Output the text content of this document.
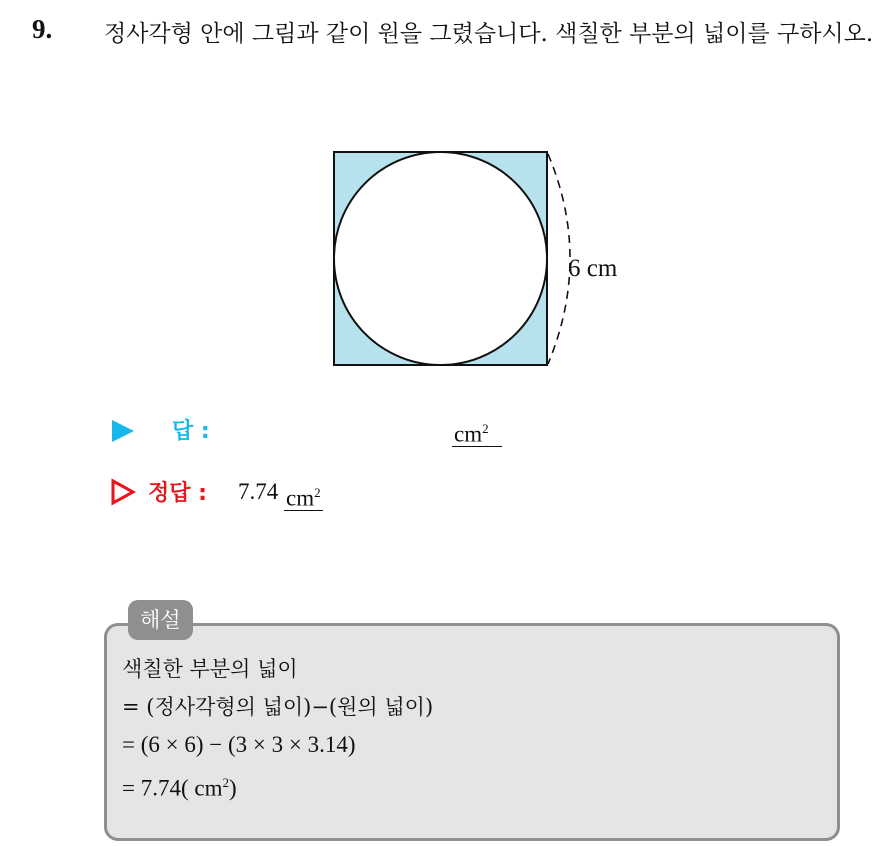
9. 정사각형 안에 그림과 같이 원을 그렸습니다. 색칠한 부분의 넓이를 구하시오.
6 cm
답 :	$cm^2$
정답 : 7.74 $cm^2$
해설
색칠한 부분의 넓이
= (정사각형의 넓이)−(원의 넓이)
= (6 × 6) − (3 × 3 × 3.14)
= 7.74( $cm^2$)
